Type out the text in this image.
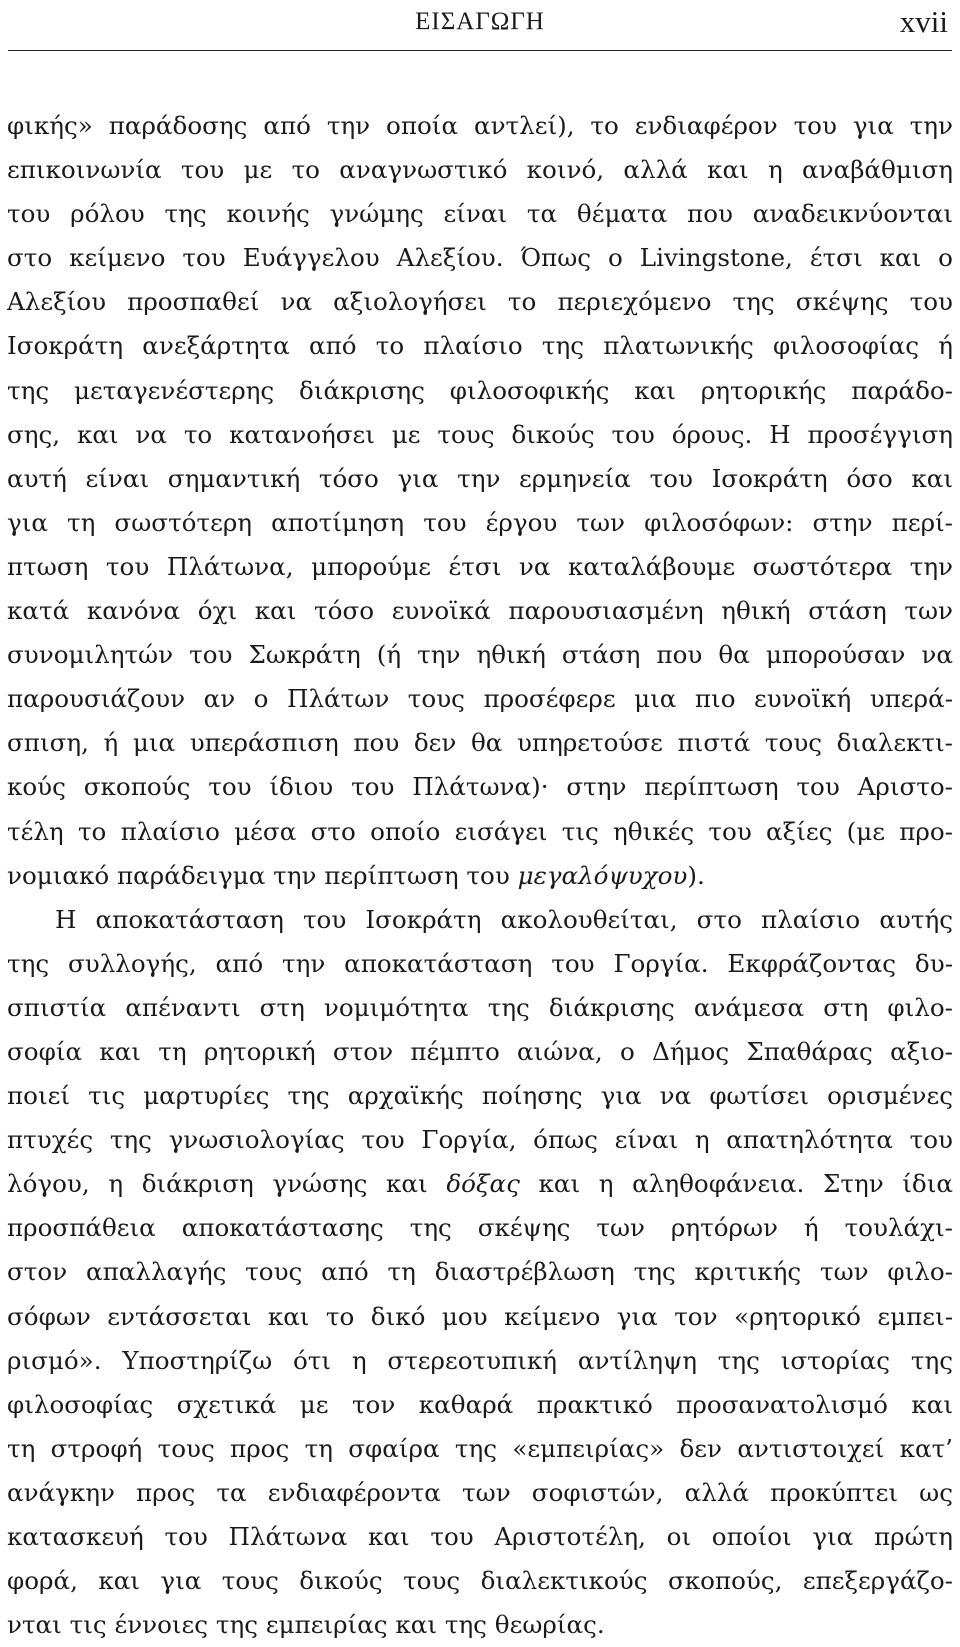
ΕΙΣΑΓΩΓΗ	xvii
φικής» παράδοσης από την οποία αντλεί), το ενδιαφέρον του για την
επικοινωνία του με το αναγνωστικό κοινό, αλλά και η αναβάθμιση
του ρόλου της κοινής γνώμης είναι τα θέματα που αναδεικνύονται
στο κείμενο του Ευάγγελου Αλεξίου. Όπως ο Livingstone, έτσι και ο
Αλεξίου προσπαθεί να αξιολογήσει το περιεχόμενο της σκέψης του
Ισοκράτη ανεξάρτητα από το πλαίσιο της πλατωνικής φιλοσοφίας ή
της μεταγενέστερης διάκρισης φιλοσοφικής και ρητορικής παράδο-
σης, και να το κατανοήσει με τους δικούς του όρους. Η προσέγγιση
αυτή είναι σημαντική τόσο για την ερμηνεία του Ισοκράτη όσο και
για τη σωστότερη αποτίμηση του έργου των φιλοσόφων: στην περί-
πτωση του Πλάτωνα, μπορούμε έτσι να καταλάβουμε σωστότερα την
κατά κανόνα όχι και τόσο ευνοϊκά παρουσιασμένη ηθική στάση των
συνομιλητών του Σωκράτη (ή την ηθική στάση που θα μπορούσαν να
παρουσιάζουν αν ο Πλάτων τους προσέφερε μια πιο ευνοϊκή υπερά-
σπιση, ή μια υπεράσπιση που δεν θα υπηρετούσε πιστά τους διαλεκτι-
κούς σκοπούς του ίδιου του Πλάτωνα)· στην περίπτωση του Αριστο-
τέλη το πλαίσιο μέσα στο οποίο εισάγει τις ηθικές του αξίες (με προ-
νομιακό παράδειγμα την περίπτωση του μεγαλόψυχου).
Η αποκατάσταση του Ισοκράτη ακολουθείται, στο πλαίσιο αυτής
της συλλογής, από την αποκατάσταση του Γοργία. Εκφράζοντας δυ-
σπιστία απέναντι στη νομιμότητα της διάκρισης ανάμεσα στη φιλο-
σοφία και τη ρητορική στον πέμπτο αιώνα, ο Δήμος Σπαθάρας αξιο-
ποιεί τις μαρτυρίες της αρχαϊκής ποίησης για να φωτίσει ορισμένες
πτυχές της γνωσιολογίας του Γοργία, όπως είναι η απατηλότητα του
λόγου, η διάκριση γνώσης και δόξας και η αληθοφάνεια. Στην ίδια
προσπάθεια αποκατάστασης της σκέψης των ρητόρων ή τουλάχι-
στον απαλλαγής τους από τη διαστρέβλωση της κριτικής των φιλο-
σόφων εντάσσεται και το δικό μου κείμενο για τον «ρητορικό εμπει-
ρισμό». Υποστηρίζω ότι η στερεοτυπική αντίληψη της ιστορίας της
φιλοσοφίας σχετικά με τον καθαρά πρακτικό προσανατολισμό και
τη στροφή τους προς τη σφαίρα της «εμπειρίας» δεν αντιστοιχεί κατ’
ανάγκην προς τα ενδιαφέροντα των σοφιστών, αλλά προκύπτει ως
κατασκευή του Πλάτωνα και του Αριστοτέλη, οι οποίοι για πρώτη
φορά, και για τους δικούς τους διαλεκτικούς σκοπούς, επεξεργάζο-
νται τις έννοιες της εμπειρίας και της θεωρίας.
